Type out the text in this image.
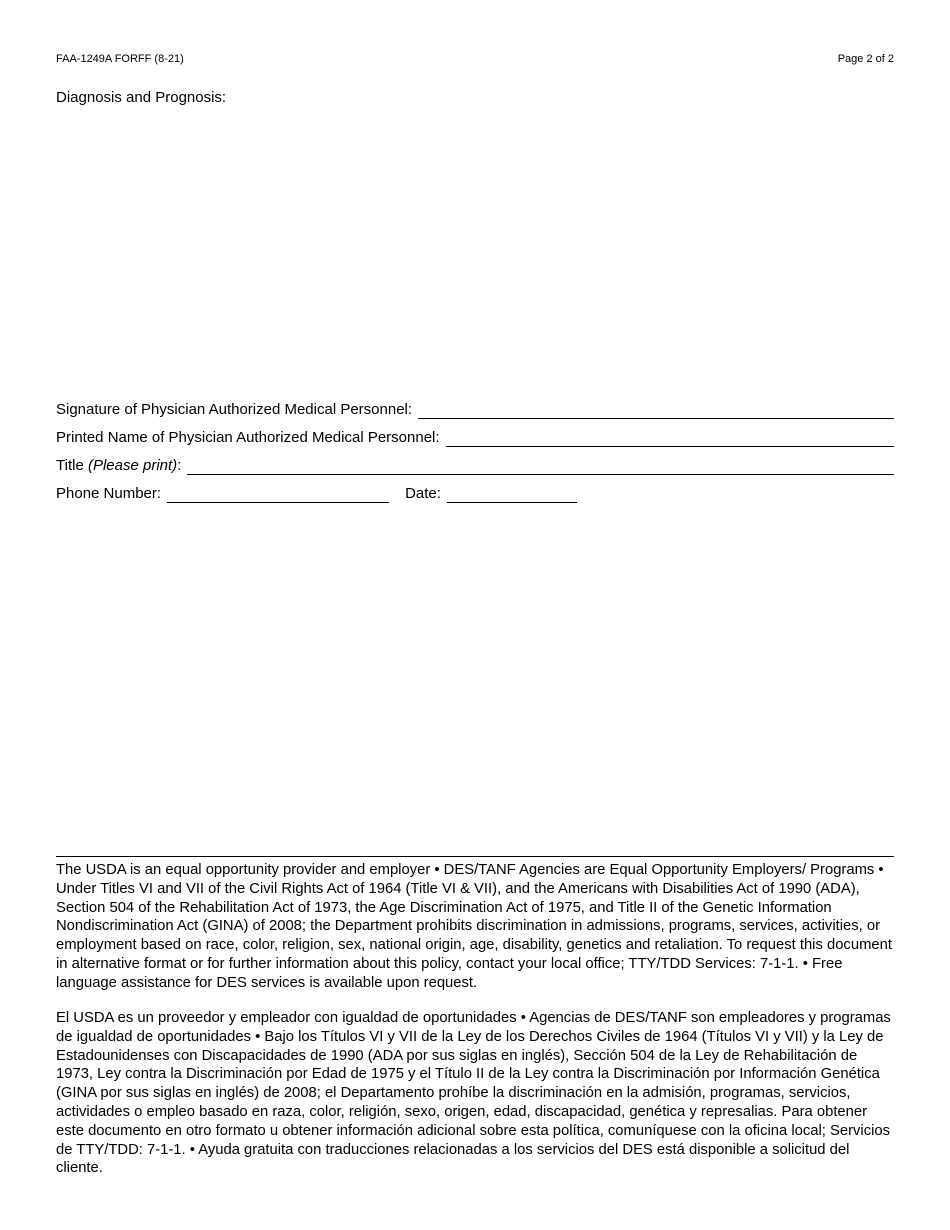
FAA-1249A FORFF (8-21)	Page 2 of 2
Diagnosis and Prognosis:
Signature of Physician Authorized Medical Personnel:
Printed Name of Physician Authorized Medical Personnel:
Title (Please print):
Phone Number:	Date:

The USDA is an equal opportunity provider and employer • DES/TANF Agencies are Equal Opportunity Employers/ Programs • Under Titles VI and VII of the Civil Rights Act of 1964 (Title VI & VII), and the Americans with Disabilities Act of 1990 (ADA), Section 504 of the Rehabilitation Act of 1973, the Age Discrimination Act of 1975, and Title II of the Genetic Information Nondiscrimination Act (GINA) of 2008; the Department prohibits discrimination in admissions, programs, services, activities, or employment based on race, color, religion, sex, national origin, age, disability, genetics and retaliation. To request this document in alternative format or for further information about this policy, contact your local office; TTY/TDD Services: 7-1-1. • Free language assistance for DES services is available upon request.

El USDA es un proveedor y empleador con igualdad de oportunidades • Agencias de DES/TANF son empleadores y programas de igualdad de oportunidades • Bajo los Títulos VI y VII de la Ley de los Derechos Civiles de 1964 (Títulos VI y VII) y la Ley de Estadounidenses con Discapacidades de 1990 (ADA por sus siglas en inglés), Sección 504 de la Ley de Rehabilitación de 1973, Ley contra la Discriminación por Edad de 1975 y el Título II de la Ley contra la Discriminación por Información Genética (GINA por sus siglas en inglés) de 2008; el Departamento prohíbe la discriminación en la admisión, programas, servicios, actividades o empleo basado en raza, color, religión, sexo, origen, edad, discapacidad, genética y represalias. Para obtener este documento en otro formato u obtener información adicional sobre esta política, comuníquese con la oficina local; Servicios de TTY/TDD: 7-1-1. • Ayuda gratuita con traducciones relacionadas a los servicios del DES está disponible a solicitud del cliente.
